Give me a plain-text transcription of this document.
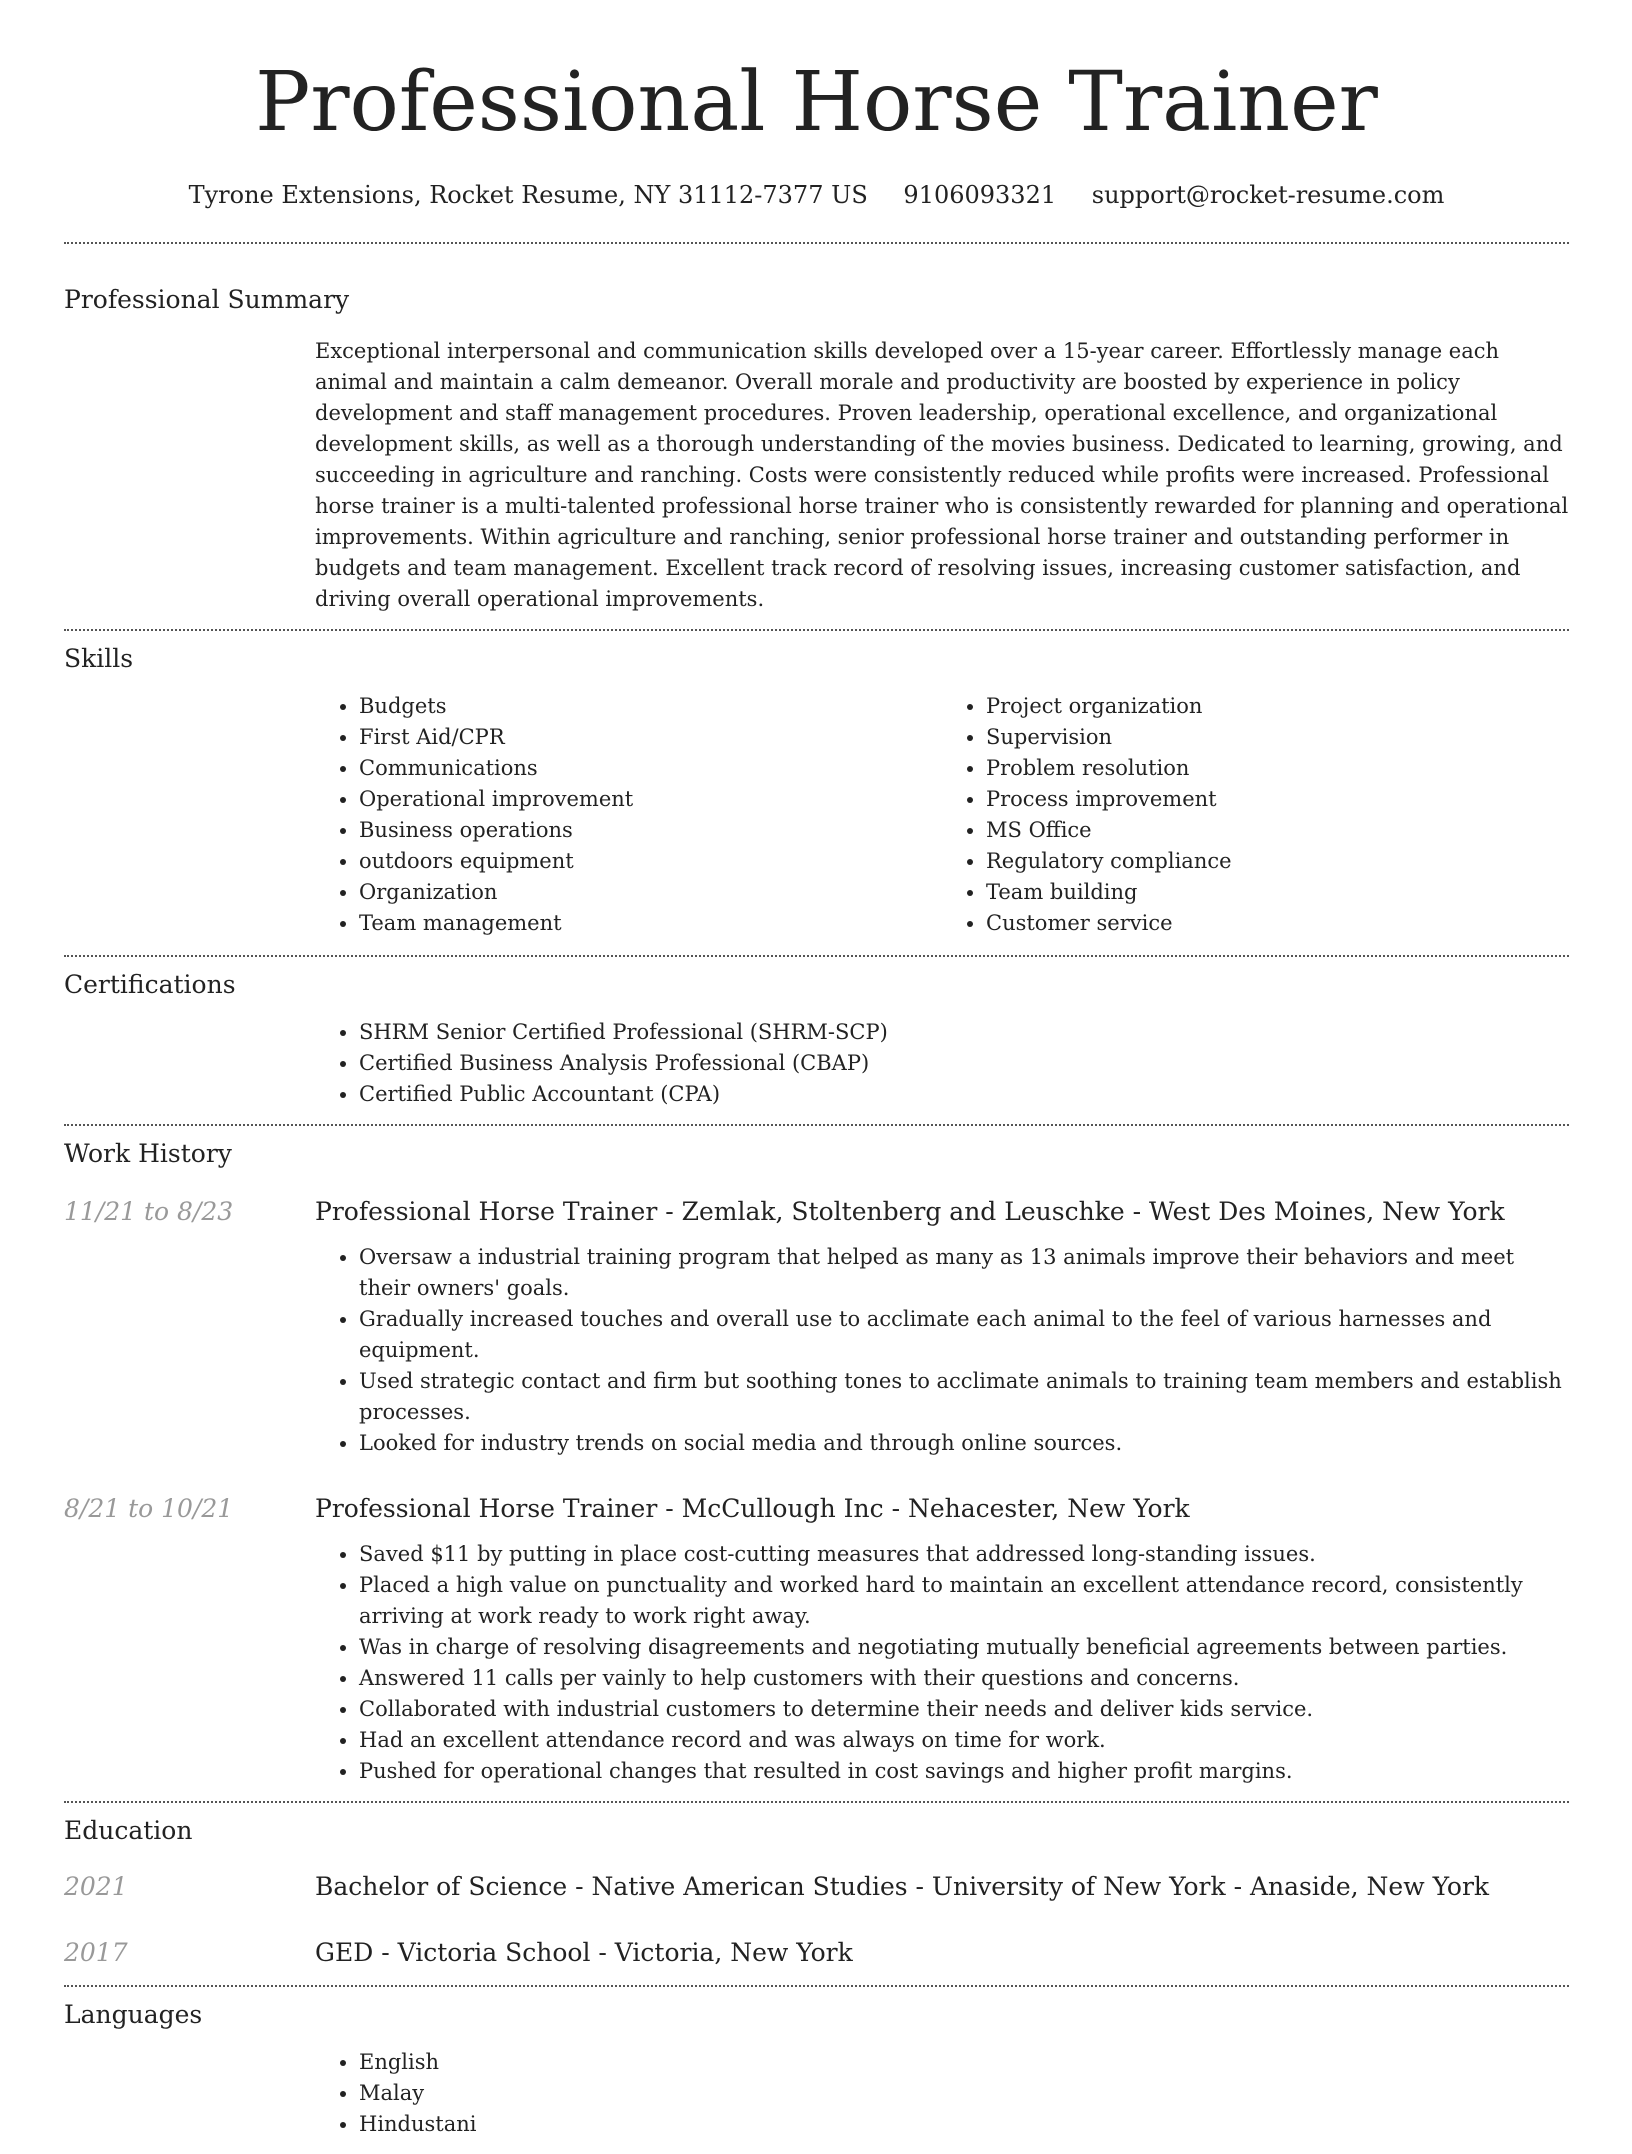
Professional Horse Trainer
Tyrone Extensions, Rocket Resume, NY 31112-7377 US 9106093321 support@rocket-resume.com
Professional Summary
Exceptional interpersonal and communication skills developed over a 15-year career. Effortlessly manage each animal and maintain a calm demeanor. Overall morale and productivity are boosted by experience in policy development and staff management procedures. Proven leadership, operational excellence, and organizational development skills, as well as a thorough understanding of the movies business. Dedicated to learning, growing, and succeeding in agriculture and ranching. Costs were consistently reduced while profits were increased. Professional horse trainer is a multi-talented professional horse trainer who is consistently rewarded for planning and operational improvements. Within agriculture and ranching, senior professional horse trainer and outstanding performer in budgets and team management. Excellent track record of resolving issues, increasing customer satisfaction, and driving overall operational improvements.
Skills
• Budgets
• First Aid/CPR
• Communications
• Operational improvement
• Business operations
• outdoors equipment
• Organization
• Team management
• Project organization
• Supervision
• Problem resolution
• Process improvement
• MS Office
• Regulatory compliance
• Team building
• Customer service
Certifications
• SHRM Senior Certified Professional (SHRM-SCP)
• Certified Business Analysis Professional (CBAP)
• Certified Public Accountant (CPA)
Work History
11/21 to 8/23	Professional Horse Trainer - Zemlak, Stoltenberg and Leuschke - West Des Moines, New York
• Oversaw a industrial training program that helped as many as 13 animals improve their behaviors and meet their owners' goals.
• Gradually increased touches and overall use to acclimate each animal to the feel of various harnesses and equipment.
• Used strategic contact and firm but soothing tones to acclimate animals to training team members and establish processes.
• Looked for industry trends on social media and through online sources.
8/21 to 10/21	Professional Horse Trainer - McCullough Inc - Nehacester, New York
• Saved $11 by putting in place cost-cutting measures that addressed long-standing issues.
• Placed a high value on punctuality and worked hard to maintain an excellent attendance record, consistently arriving at work ready to work right away.
• Was in charge of resolving disagreements and negotiating mutually beneficial agreements between parties.
• Answered 11 calls per vainly to help customers with their questions and concerns.
• Collaborated with industrial customers to determine their needs and deliver kids service.
• Had an excellent attendance record and was always on time for work.
• Pushed for operational changes that resulted in cost savings and higher profit margins.
Education
2021	Bachelor of Science - Native American Studies - University of New York - Anaside, New York
2017	GED - Victoria School - Victoria, New York
Languages
• English
• Malay
• Hindustani
